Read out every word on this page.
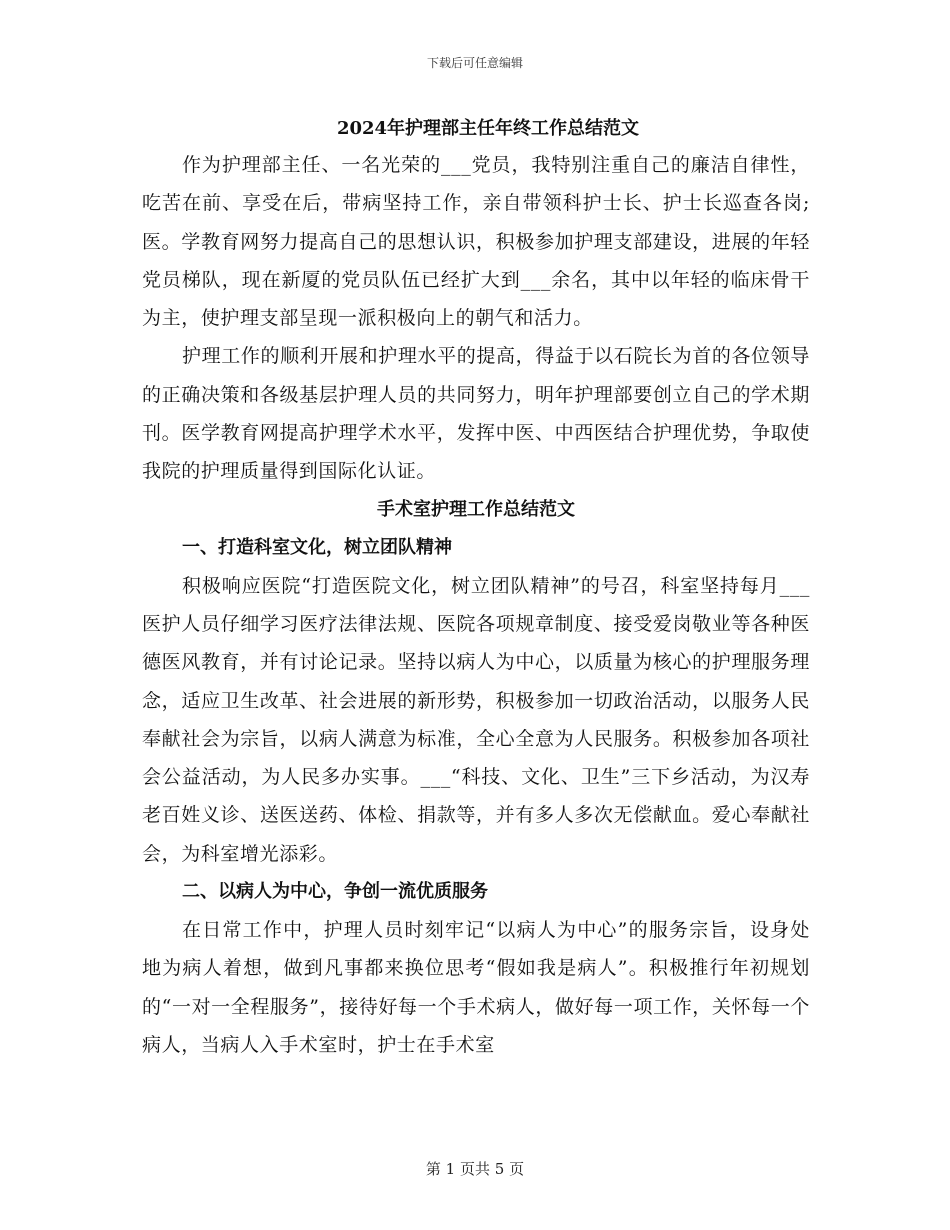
下载后可任意编辑
2024年护理部主任年终工作总结范文

作为护理部主任、一名光荣的___党员，我特别注重自己的廉洁自律性，吃苦在前、享受在后，带病坚持工作，亲自带领科护士长、护士长巡查各岗;医。学教育网努力提高自己的思想认识，积极参加护理支部建设，进展的年轻党员梯队，现在新厦的党员队伍已经扩大到___余名，其中以年轻的临床骨干为主，使护理支部呈现一派积极向上的朝气和活力。

护理工作的顺利开展和护理水平的提高，得益于以石院长为首的各位领导的正确决策和各级基层护理人员的共同努力，明年护理部要创立自己的学术期刊。医学教育网提高护理学术水平，发挥中医、中西医结合护理优势，争取使我院的护理质量得到国际化认证。

手术室护理工作总结范文
一、打造科室文化，树立团队精神

积极响应医院“打造医院文化，树立团队精神”的号召，科室坚持每月___医护人员仔细学习医疗法律法规、医院各项规章制度、接受爱岗敬业等各种医德医风教育，并有讨论记录。坚持以病人为中心，以质量为核心的护理服务理念，适应卫生改革、社会进展的新形势，积极参加一切政治活动，以服务人民奉献社会为宗旨，以病人满意为标准，全心全意为人民服务。积极参加各项社会公益活动，为人民多办实事。___“科技、文化、卫生”三下乡活动，为汉寿老百姓义诊、送医送药、体检、捐款等，并有多人多次无偿献血。爱心奉献社会，为科室增光添彩。

二、以病人为中心，争创一流优质服务

在日常工作中，护理人员时刻牢记“以病人为中心”的服务宗旨，设身处地为病人着想，做到凡事都来换位思考“假如我是病人”。积极推行年初规划的“一对一全程服务”，接待好每一个手术病人，做好每一项工作，关怀每一个病人，当病人入手术室时，护士在手术室

第 1 页共 5 页
